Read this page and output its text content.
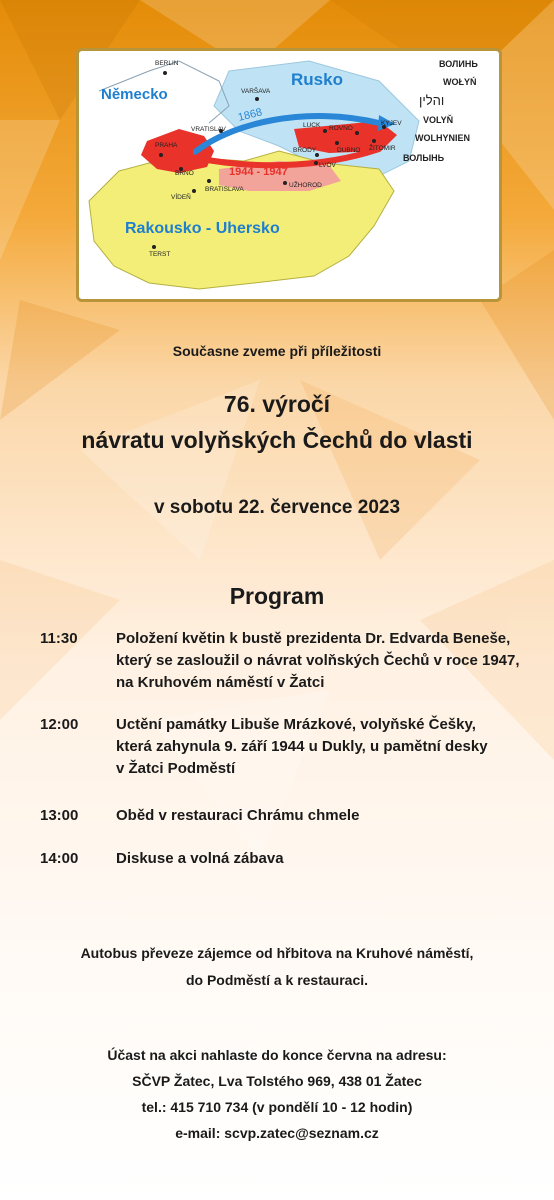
Německo
Rusko
Rakousko - Uhersko
BERLIN
VARŠAVA
VRATISLAV
PRAHA
BRNO
VÍDEŇ
BRATISLAVA
TERST
LUCK ROVNO
DUBNO
BRODY
LVOV
ŽITOMIR
KYJEV
UŽHOROD
1868
1944 - 1947
ВОЛИНЬ
WOŁYŃ
והלין
VOLYŇ
WOLHYNIEN
ВОЛЫНЬ
Současne zveme při příležitosti
76. výročí
návratu volyňských Čechů do vlasti
v sobotu 22. července 2023
Program
11:30	Položení květin k bustě prezidenta Dr. Edvarda Beneše,
který se zasloužil o návrat volňských Čechů v roce 1947,
na Kruhovém náměstí v Žatci
12:00	Uctění památky Libuše Mrázkové, volyňské Češky,
která zahynula 9. září 1944 u Dukly, u pamětní desky
v Žatci Podměstí
13:00	Oběd v restauraci Chrámu chmele
14:00	Diskuse a volná zábava
Autobus převeze zájemce od hřbitova na Kruhové náměstí,
do Podměstí a k restauraci.
Účast na akci nahlaste do konce června na adresu:
SČVP Žatec, Lva Tolstého 969, 438 01 Žatec
tel.: 415 710 734 (v pondělí 10 - 12 hodin)
e-mail: scvp.zatec@seznam.cz
